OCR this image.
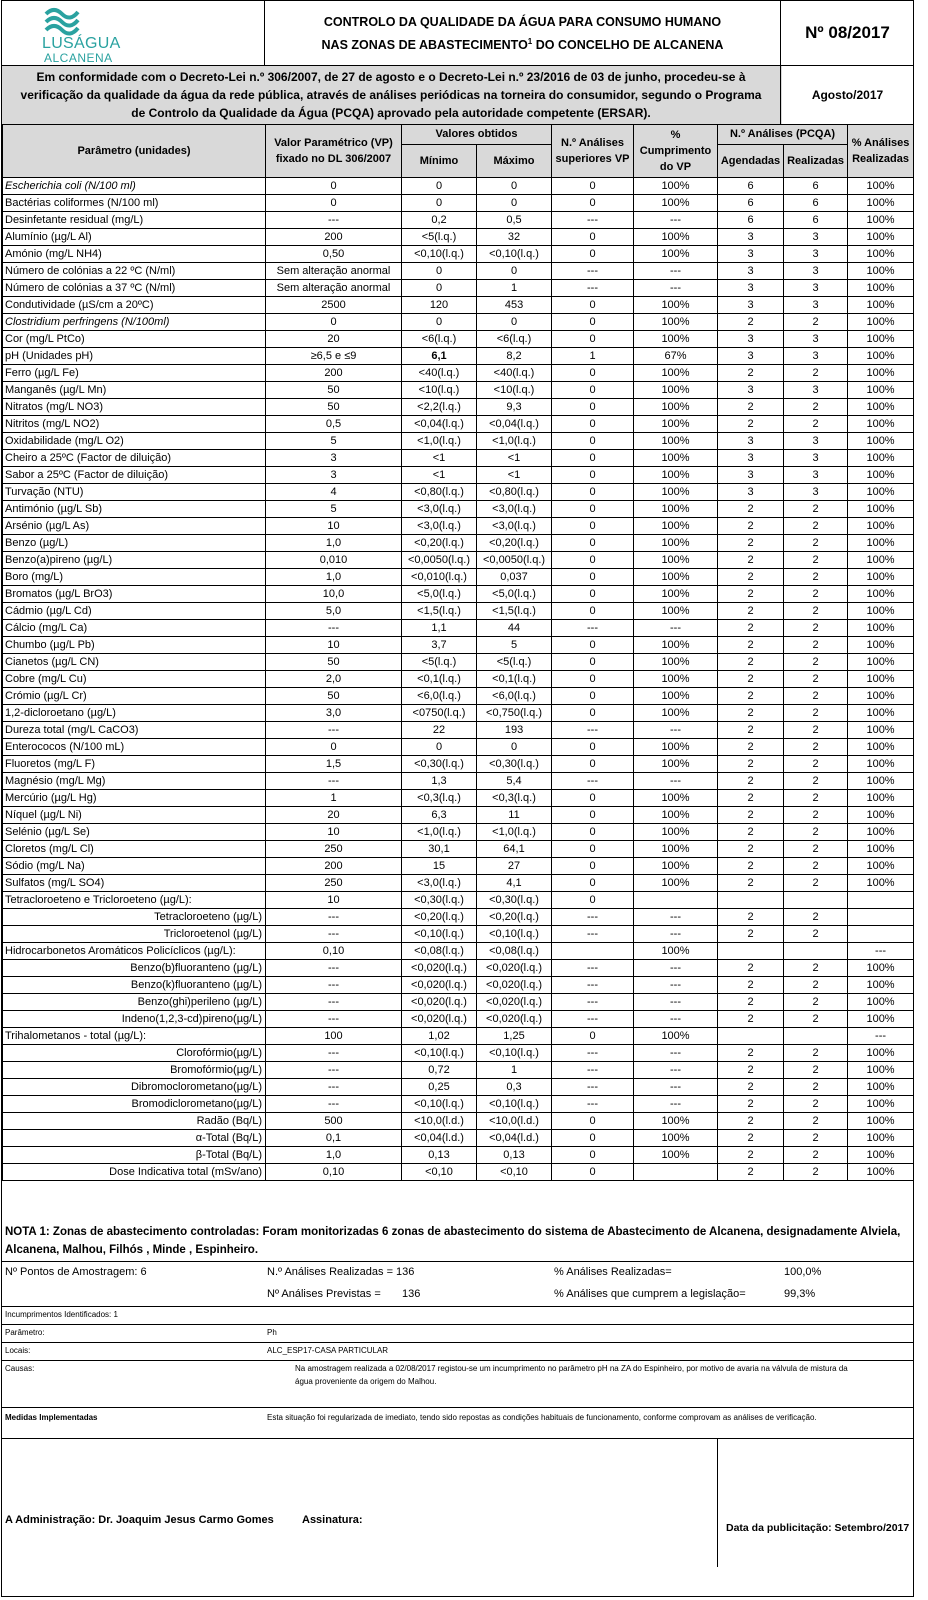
LUSÁGUA
ALCANENA
CONTROLO DA QUALIDADE DA ÁGUA PARA CONSUMO HUMANO
NAS ZONAS DE ABASTECIMENTO$^1$ DO CONCELHO DE ALCANENA
Nº 08/2017
Em conformidade com o Decreto-Lei n.º 306/2007, de 27 de agosto e o Decreto-Lei n.º 23/2016 de 03 de junho, procedeu-se à
verificação da qualidade da água da rede pública, através de análises periódicas na torneira do consumidor, segundo o Programa
de Controlo da Qualidade da Água (PCQA) aprovado pela autoridade competente (ERSAR).
Agosto/2017
Parâmetro (unidades)	Valor Paramétrico (VP) fixado no DL 306/2007	Valores obtidos		N.º Análises superiores VP	% Cumprimento do VP	N.º Análises (PCQA)		% Análises Realizadas
		Mínimo	Máximo			Agendadas	Realizadas	
Escherichia coli (N/100 ml)	0	0	0	0	100%	6	6	100%
Bactérias coliformes (N/100 ml)	0	0	0	0	100%	6	6	100%
Desinfetante residual (mg/L)	---	0,2	0,5	---	---	6	6	100%
Alumínio (µg/L Al)	200	<5(l.q.)	32	0	100%	3	3	100%
Amónio (mg/L NH4)	0,50	<0,10(l.q.)	<0,10(l.q.)	0	100%	3	3	100%
Número de colónias a 22 ºC (N/ml)	Sem alteração anormal	0	0	---	---	3	3	100%
Número de colónias a 37 ºC (N/ml)	Sem alteração anormal	0	1	---	---	3	3	100%
Condutividade (µS/cm a 20ºC)	2500	120	453	0	100%	3	3	100%
Clostridium perfringens (N/100ml)	0	0	0	0	100%	2	2	100%
Cor (mg/L PtCo)	20	<6(l.q.)	<6(l.q.)	0	100%	3	3	100%
pH (Unidades pH)	≥6,5 e ≤9	6,1	8,2	1	67%	3	3	100%
Ferro (µg/L Fe)	200	<40(l.q.)	<40(l.q.)	0	100%	2	2	100%
Manganês (µg/L Mn)	50	<10(l.q.)	<10(l.q.)	0	100%	3	3	100%
Nitratos (mg/L NO3)	50	<2,2(l.q.)	9,3	0	100%	2	2	100%
Nitritos (mg/L NO2)	0,5	<0,04(l.q.)	<0,04(l.q.)	0	100%	2	2	100%
Oxidabilidade (mg/L O2)	5	<1,0(l.q.)	<1,0(l.q.)	0	100%	3	3	100%
Cheiro a 25ºC (Factor de diluição)	3	<1	<1	0	100%	3	3	100%
Sabor a 25ºC (Factor de diluição)	3	<1	<1	0	100%	3	3	100%
Turvação (NTU)	4	<0,80(l.q.)	<0,80(l.q.)	0	100%	3	3	100%
Antimónio (µg/L Sb)	5	<3,0(l.q.)	<3,0(l.q.)	0	100%	2	2	100%
Arsénio (µg/L As)	10	<3,0(l.q.)	<3,0(l.q.)	0	100%	2	2	100%
Benzo (µg/L)	1,0	<0,20(l.q.)	<0,20(l.q.)	0	100%	2	2	100%
Benzo(a)pireno (µg/L)	0,010	<0,0050(l.q.)	<0,0050(l.q.)	0	100%	2	2	100%
Boro (mg/L)	1,0	<0,010(l.q.)	0,037	0	100%	2	2	100%
Bromatos (µg/L BrO3)	10,0	<5,0(l.q.)	<5,0(l.q.)	0	100%	2	2	100%
Cádmio (µg/L Cd)	5,0	<1,5(l.q.)	<1,5(l.q.)	0	100%	2	2	100%
Cálcio (mg/L Ca)	---	1,1	44	---	---	2	2	100%
Chumbo (µg/L Pb)	10	3,7	5	0	100%	2	2	100%
Cianetos (µg/L CN)	50	<5(l.q.)	<5(l.q.)	0	100%	2	2	100%
Cobre (mg/L Cu)	2,0	<0,1(l.q.)	<0,1(l.q.)	0	100%	2	2	100%
Crómio (µg/L Cr)	50	<6,0(l.q.)	<6,0(l.q.)	0	100%	2	2	100%
1,2-dicloroetano (µg/L)	3,0	<0750(l.q.)	<0,750(l.q.)	0	100%	2	2	100%
Dureza total (mg/L CaCO3)	---	22	193	---	---	2	2	100%
Enterococos (N/100 mL)	0	0	0	0	100%	2	2	100%
Fluoretos (mg/L F)	1,5	<0,30(l.q.)	<0,30(l.q.)	0	100%	2	2	100%
Magnésio (mg/L Mg)	---	1,3	5,4	---	---	2	2	100%
Mercúrio (µg/L Hg)	1	<0,3(l.q.)	<0,3(l.q.)	0	100%	2	2	100%
Níquel (µg/L Ni)	20	6,3	11	0	100%	2	2	100%
Selénio (µg/L Se)	10	<1,0(l.q.)	<1,0(l.q.)	0	100%	2	2	100%
Cloretos (mg/L Cl)	250	30,1	64,1	0	100%	2	2	100%
Sódio (mg/L Na)	200	15	27	0	100%	2	2	100%
Sulfatos (mg/L SO4)	250	<3,0(l.q.)	4,1	0	100%	2	2	100%
Tetracloroeteno e Tricloroeteno (µg/L):	10	<0,30(l.q.)	<0,30(l.q.)	0				
Tetracloroeteno (µg/L)	---	<0,20(l.q.)	<0,20(l.q.)	---	---	2	2	
Tricloroetenol (µg/L)	---	<0,10(l.q.)	<0,10(l.q.)	---	---	2	2	
Hidrocarbonetos Aromáticos Policíclicos (µg/L):	0,10	<0,08(l.q.)	<0,08(l.q.)		100%			---
Benzo(b)fluoranteno (µg/L)	---	<0,020(l.q.)	<0,020(l.q.)	---	---	2	2	100%
Benzo(k)fluoranteno (µg/L)	---	<0,020(l.q.)	<0,020(l.q.)	---	---	2	2	100%
Benzo(ghi)perileno (µg/L)	---	<0,020(l.q.)	<0,020(l.q.)	---	---	2	2	100%
Indeno(1,2,3-cd)pireno(µg/L)	---	<0,020(l.q.)	<0,020(l.q.)	---	---	2	2	100%
Trihalometanos - total (µg/L):	100	1,02	1,25	0	100%			---
Clorofórmio(µg/L)	---	<0,10(l.q.)	<0,10(l.q.)	---	---	2	2	100%
Bromofórmio(µg/L)	---	0,72	1	---	---	2	2	100%
Dibromoclorometano(µg/L)	---	0,25	0,3	---	---	2	2	100%
Bromodiclorometano(µg/L)	---	<0,10(l.q.)	<0,10(l.q.)	---	---	2	2	100%
Radão (Bq/L)	500	<10,0(l.d.)	<10,0(l.d.)	0	100%	2	2	100%
α-Total (Bq/L)	0,1	<0,04(l.d.)	<0,04(l.d.)	0	100%	2	2	100%
β-Total (Bq/L)	1,0	0,13	0,13	0	100%	2	2	100%
Dose Indicativa total (mSv/ano)	0,10	<0,10	<0,10	0		2	2	100%
NOTA 1: Zonas de abastecimento controladas: Foram monitorizadas 6 zonas de abastecimento do sistema de Abastecimento de Alcanena, designadamente Alviela,
Alcanena, Malhou, Filhós , Minde , Espinheiro.
Nº Pontos de Amostragem: 6	N.º Análises Realizadas = 136
Nº Análises Previstas = 136
% Análises Realizadas=	100,0%
% Análises que cumprem a legislação=	99,3%
Incumprimentos Identificados: 1
Parâmetro:	Ph
Locais:	ALC_ESP17-CASA PARTICULAR
Causas:	Na amostragem realizada a 02/08/2017 registou-se um incumprimento no parâmetro pH na ZA do Espinheiro, por motivo de avaria na válvula de mistura da
água proveniente da origem do Malhou.
Medidas Implementadas	Esta situação foi regularizada de imediato, tendo sido repostas as condições habituais de funcionamento, conforme comprovam as análises de verificação.
A Administração: Dr. Joaquim Jesus Carmo Gomes	Assinatura:
Data da publicitação: Setembro/2017
